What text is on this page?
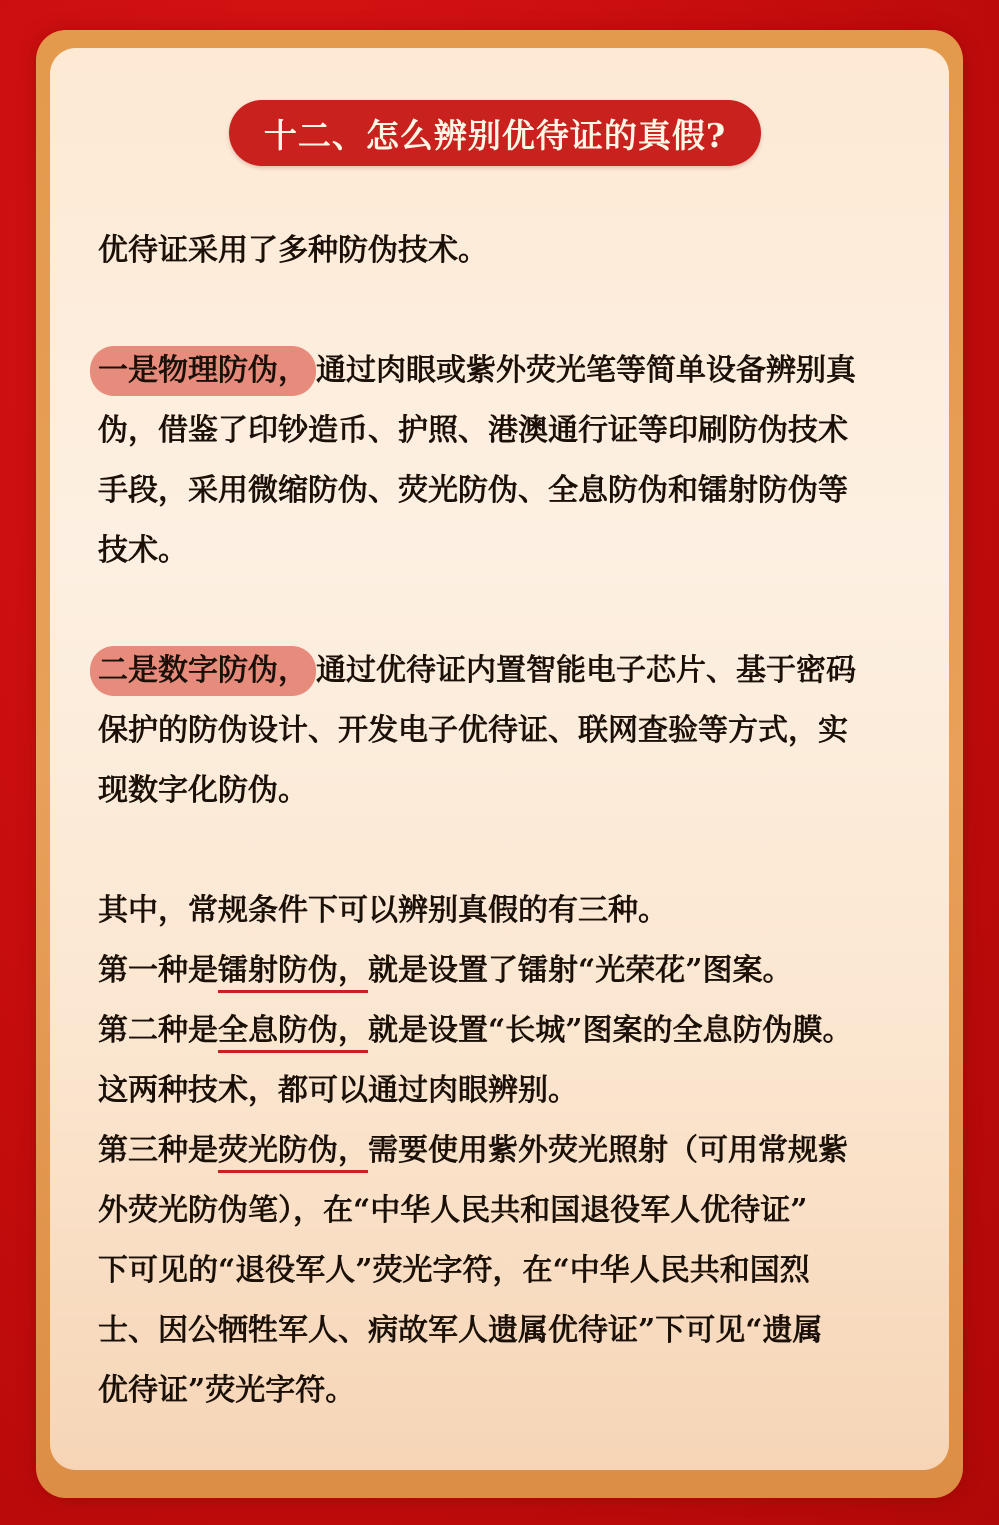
十二、怎么辨别优待证的真假?
优待证采用了多种防伪技术。
一是物理防伪， 通过肉眼或紫外荧光笔等简单设备辨别真
伪，借鉴了印钞造币、护照、港澳通行证等印刷防伪技术
手段，采用微缩防伪、荧光防伪、全息防伪和镭射防伪等
技术。
二是数字防伪， 通过优待证内置智能电子芯片、基于密码
保护的防伪设计、开发电子优待证、联网查验等方式，实
现数字化防伪。
其中，常规条件下可以辨别真假的有三种。
第一种是镭射防伪，就是设置了镭射“光荣花”图案。
第二种是全息防伪，就是设置“长城”图案的全息防伪膜。
这两种技术，都可以通过肉眼辨别。
第三种是荧光防伪，需要使用紫外荧光照射（可用常规紫
外荧光防伪笔），在“中华人民共和国退役军人优待证”
下可见的“退役军人”荧光字符，在“中华人民共和国烈
士、因公牺牲军人、病故军人遗属优待证”下可见“遗属
优待证”荧光字符。
